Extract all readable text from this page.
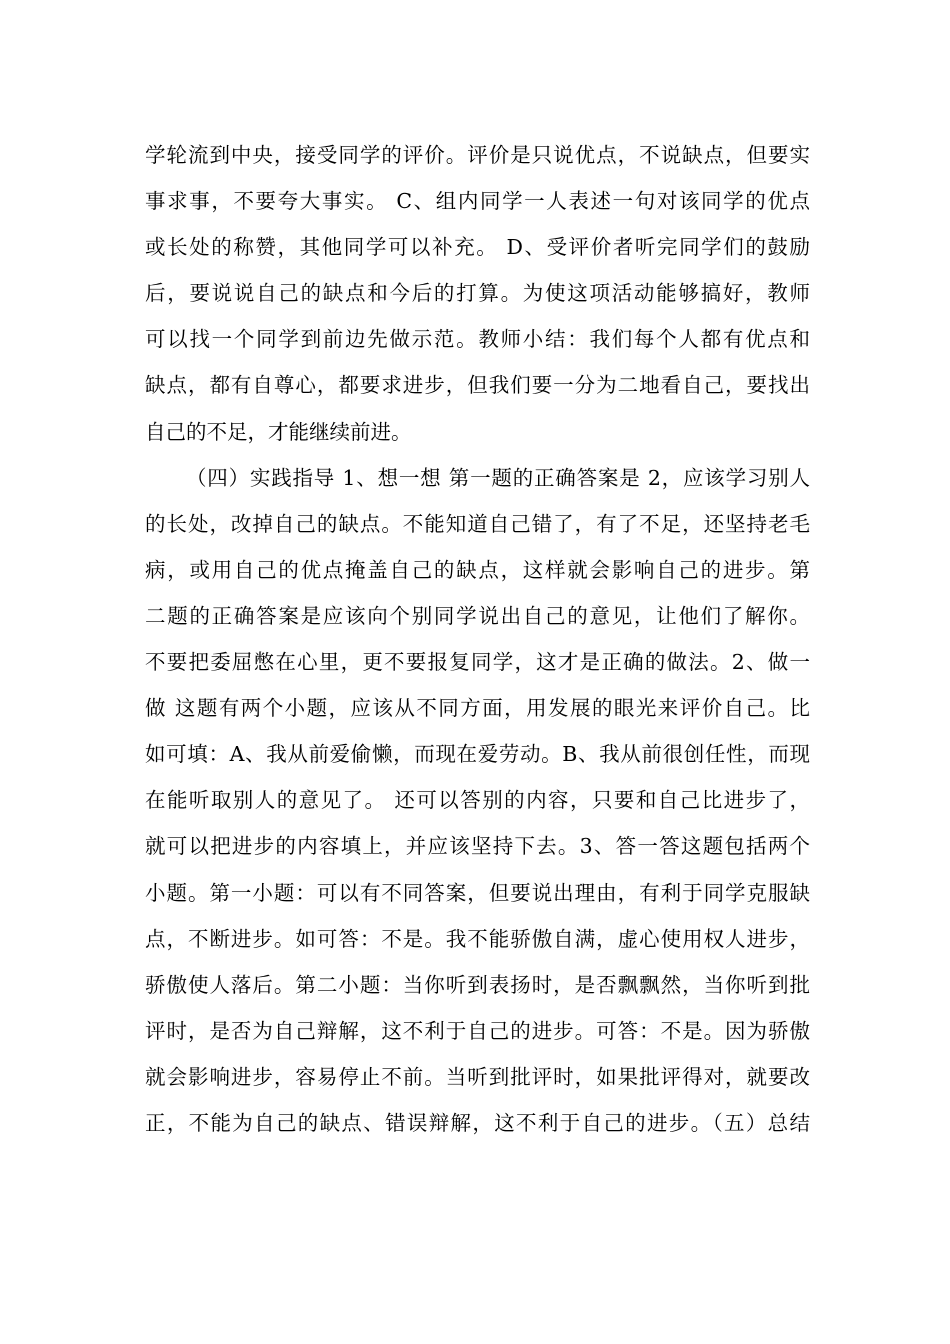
学轮流到中央，接受同学的评价。评价是只说优点，不说缺点，但要实
事求事，不要夸大事实。 C、组内同学一人表述一句对该同学的优点
或长处的称赞，其他同学可以补充。 D、受评价者听完同学们的鼓励
后，要说说自己的缺点和今后的打算。为使这项活动能够搞好，教师
可以找一个同学到前边先做示范。教师小结：我们每个人都有优点和
缺点，都有自尊心，都要求进步，但我们要一分为二地看自己，要找出
自己的不足，才能继续前进。
（四）实践指导 1、想一想 第一题的正确答案是 2，应该学习别人
的长处，改掉自己的缺点。不能知道自己错了，有了不足，还坚持老毛
病，或用自己的优点掩盖自己的缺点，这样就会影响自己的进步。第
二题的正确答案是应该向个别同学说出自己的意见，让他们了解你。
不要把委屈憋在心里，更不要报复同学，这才是正确的做法。2、做一
做 这题有两个小题，应该从不同方面，用发展的眼光来评价自己。比
如可填：A、我从前爱偷懒，而现在爱劳动。B、我从前很创任性，而现
在能听取别人的意见了。 还可以答别的内容，只要和自己比进步了，
就可以把进步的内容填上，并应该坚持下去。3、答一答这题包括两个
小题。第一小题：可以有不同答案，但要说出理由，有利于同学克服缺
点，不断进步。如可答：不是。我不能骄傲自满，虚心使用权人进步，
骄傲使人落后。第二小题：当你听到表扬时，是否飘飘然，当你听到批
评时，是否为自己辩解，这不利于自己的进步。可答：不是。因为骄傲
就会影响进步，容易停止不前。当听到批评时，如果批评得对，就要改
正，不能为自己的缺点、错误辩解，这不利于自己的进步。（五）总结
